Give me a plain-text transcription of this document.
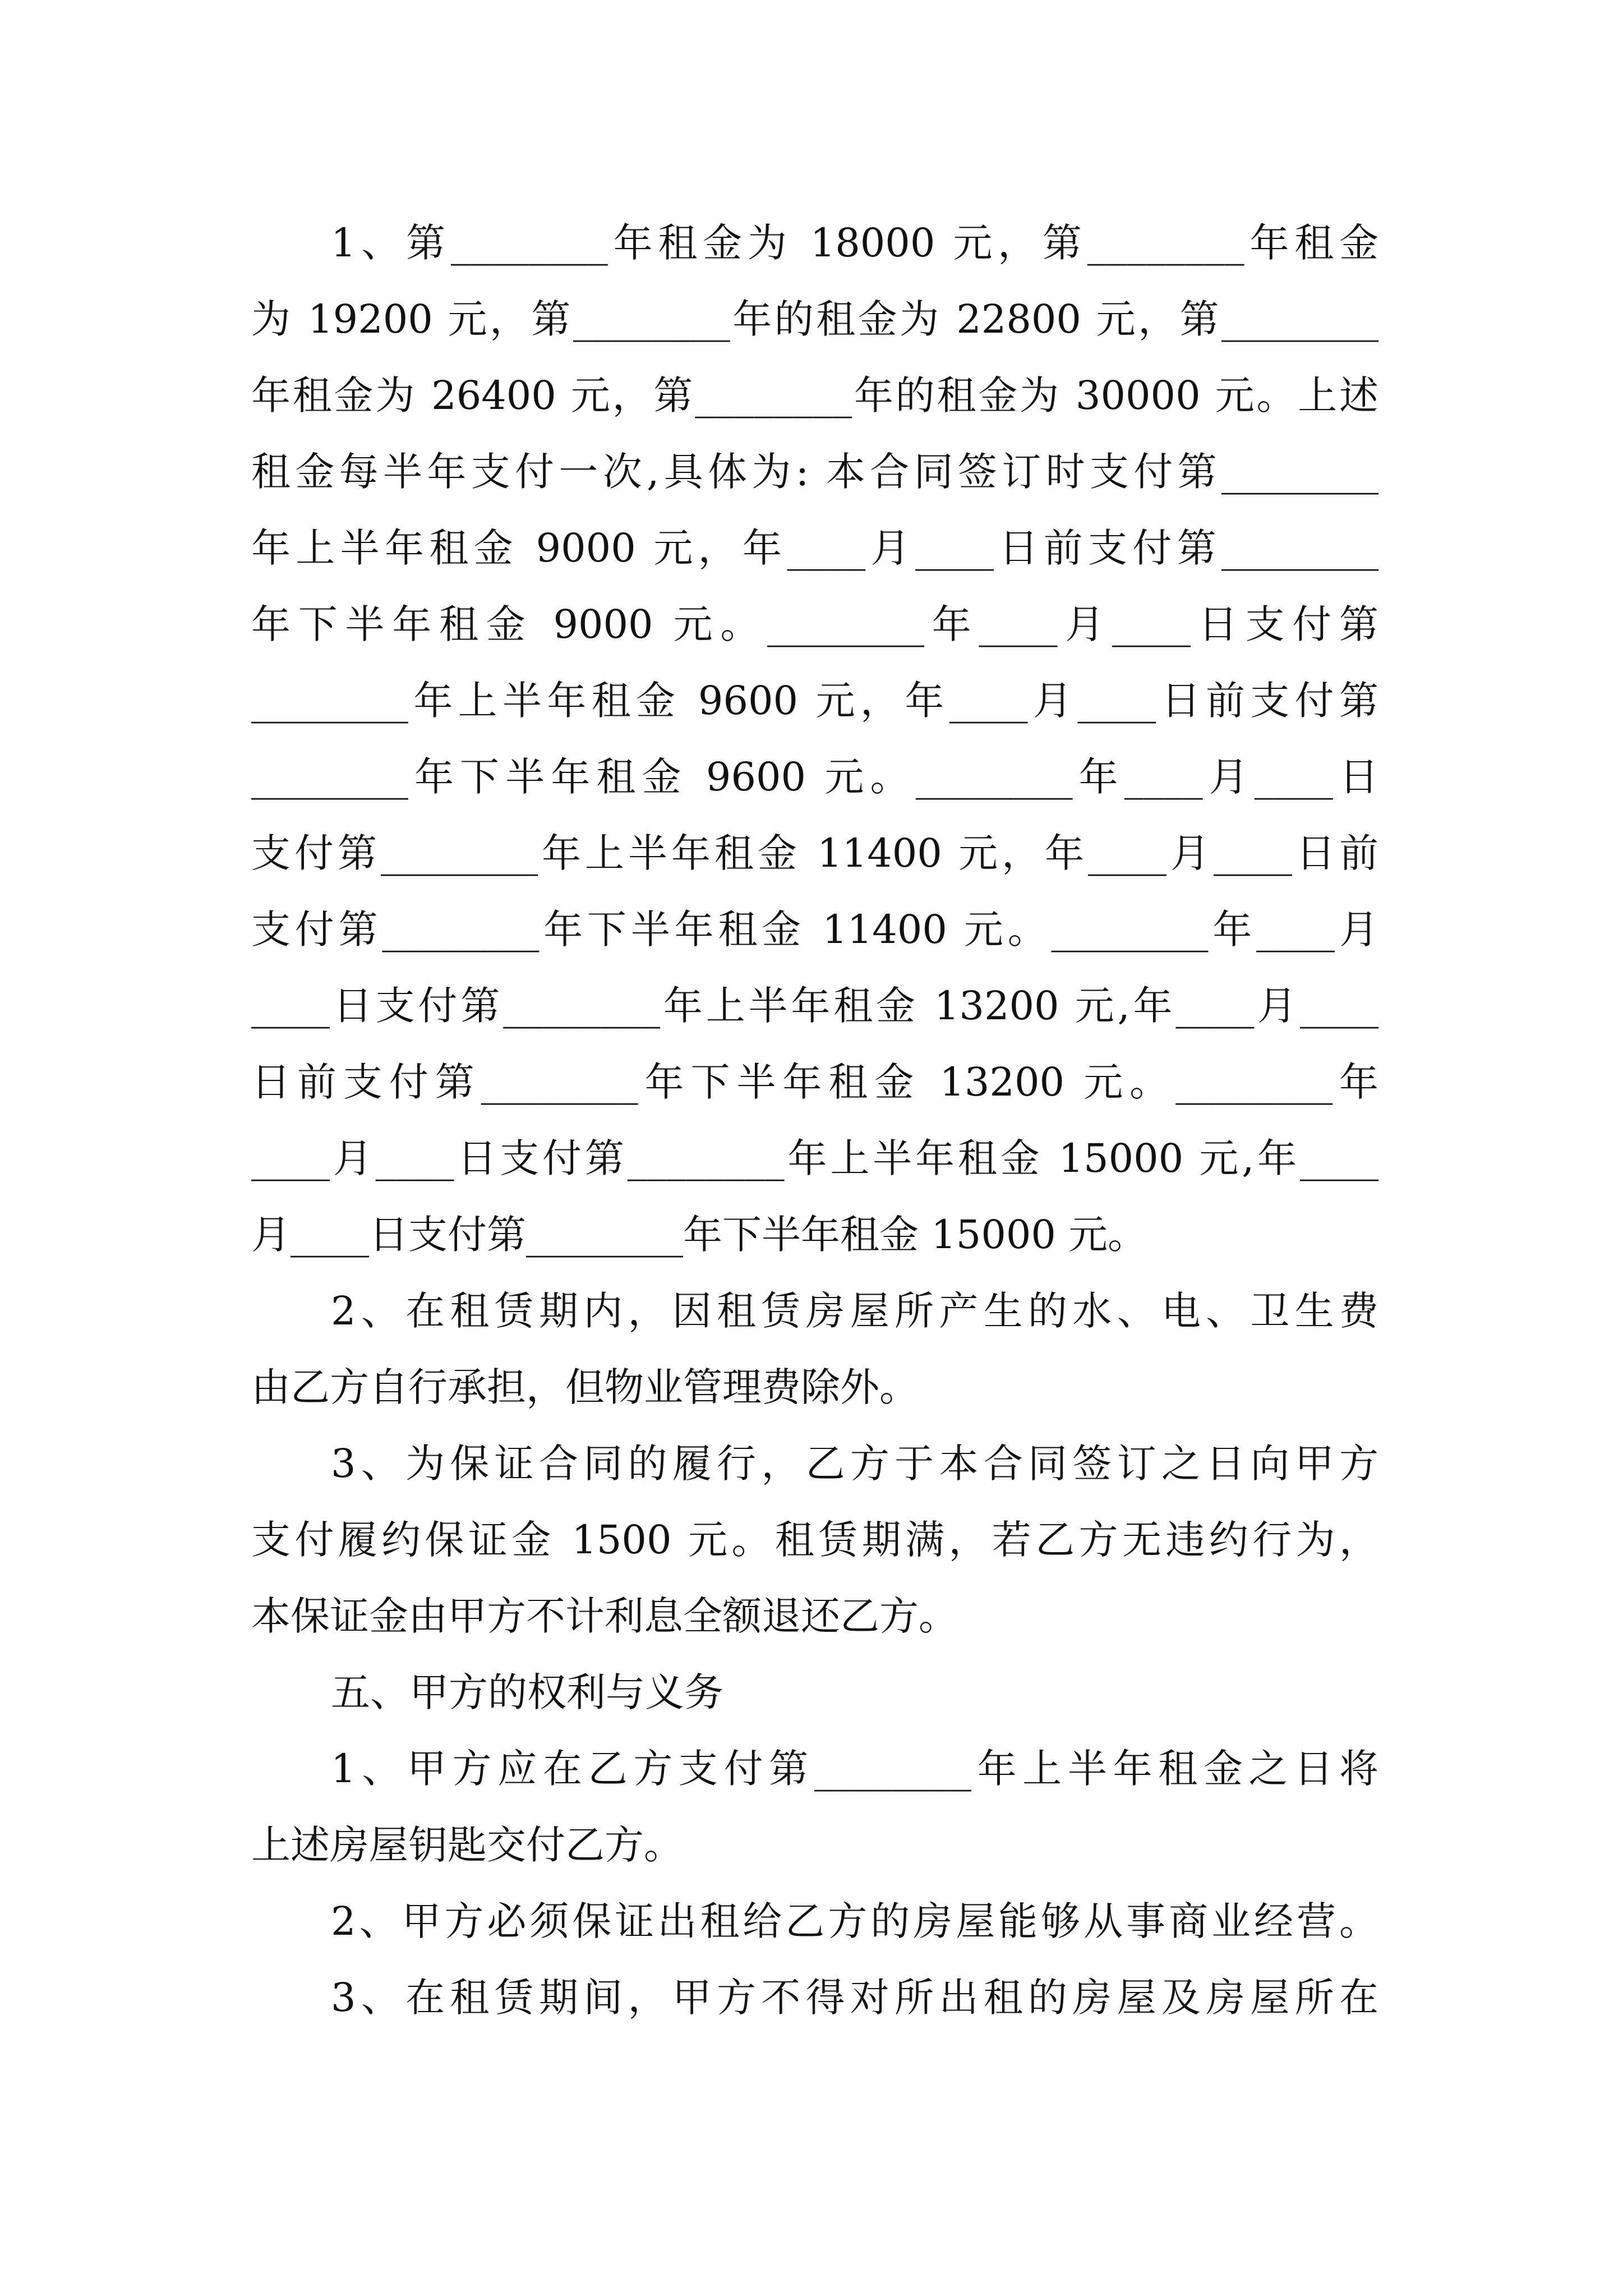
1、第________年租金为 18000 元，第________年租金
为 19200 元，第________年的租金为 22800 元，第________
年租金为 26400 元，第________年的租金为 30000 元。上述
租金每半年支付一次,具体为: 本合同签订时支付第________
年上半年租金 9000 元，年____月____日前支付第________
年下半年租金 9000 元。________年____月____日支付第
________年上半年租金 9600 元，年____月____日前支付第
________年下半年租金 9600 元。________年____月____日
支付第________年上半年租金 11400 元，年____月____日前
支付第________年下半年租金 11400 元。________年____月
____日支付第________年上半年租金 13200 元,年____月____
日前支付第________年下半年租金 13200 元。________年
____月____日支付第________年上半年租金 15000 元,年____
月____日支付第________年下半年租金 15000 元。
2、在租赁期内，因租赁房屋所产生的水、电、卫生费
由乙方自行承担，但物业管理费除外。
3、为保证合同的履行，乙方于本合同签订之日向甲方
支付履约保证金 1500 元。租赁期满，若乙方无违约行为，
本保证金由甲方不计利息全额退还乙方。
五、甲方的权利与义务
1、甲方应在乙方支付第________年上半年租金之日将
上述房屋钥匙交付乙方。
2、甲方必须保证出租给乙方的房屋能够从事商业经营。
3、在租赁期间，甲方不得对所出租的房屋及房屋所在
